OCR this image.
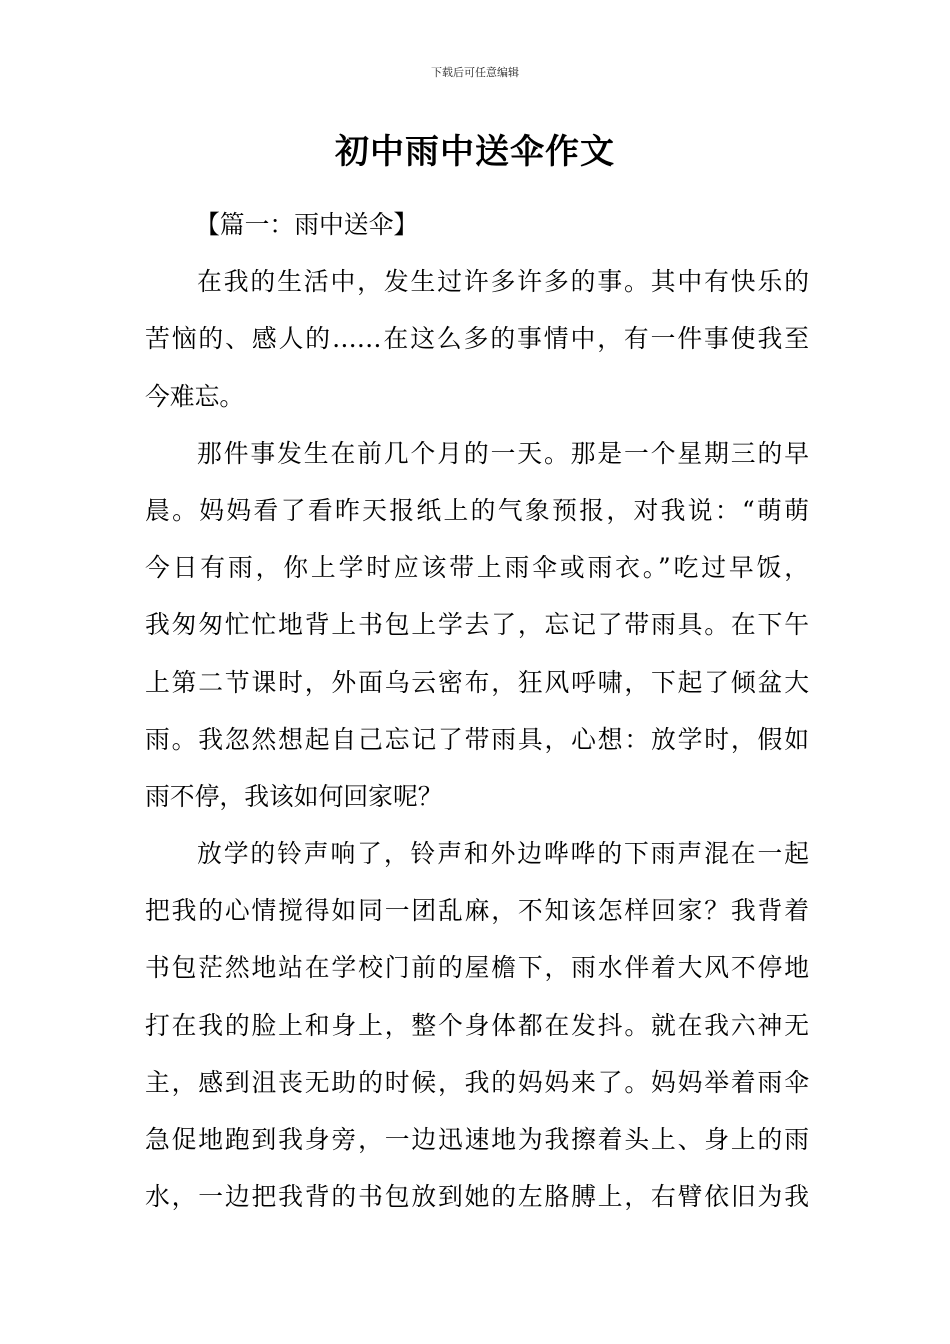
下载后可任意编辑
初中雨中送伞作文

【篇一：雨中送伞】

在我的生活中，发生过许多许多的事。其中有快乐的
苦恼的、感人的……在这么多的事情中，有一件事使我至
今难忘。
那件事发生在前几个月的一天。那是一个星期三的早
晨。妈妈看了看昨天报纸上的气象预报，对我说：“萌萌
今日有雨，你上学时应该带上雨伞或雨衣。”吃过早饭，
我匆匆忙忙地背上书包上学去了，忘记了带雨具。在下午
上第二节课时，外面乌云密布，狂风呼啸，下起了倾盆大
雨。我忽然想起自己忘记了带雨具，心想：放学时，假如
雨不停，我该如何回家呢？
放学的铃声响了，铃声和外边哗哗的下雨声混在一起
把我的心情搅得如同一团乱麻，不知该怎样回家？我背着
书包茫然地站在学校门前的屋檐下，雨水伴着大风不停地
打在我的脸上和身上，整个身体都在发抖。就在我六神无
主，感到沮丧无助的时候，我的妈妈来了。妈妈举着雨伞
急促地跑到我身旁，一边迅速地为我擦着头上、身上的雨
水，一边把我背的书包放到她的左胳膊上，右臂依旧为我
